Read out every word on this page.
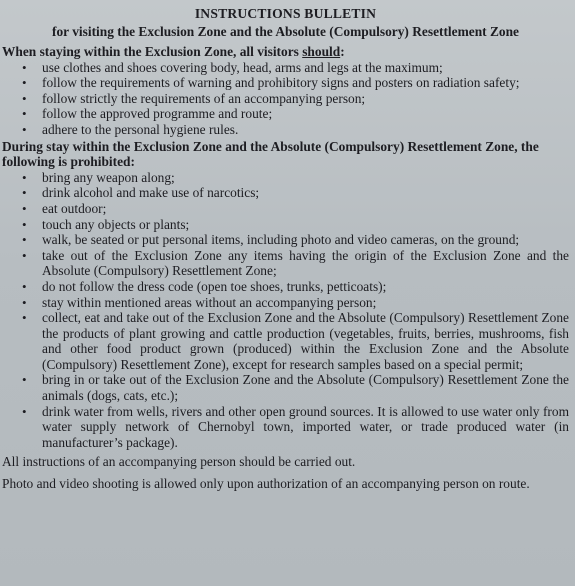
INSTRUCTIONS BULLETIN
for visiting the Exclusion Zone and the Absolute (Compulsory) Resettlement Zone
When staying within the Exclusion Zone, all visitors should:
• use clothes and shoes covering body, head, arms and legs at the maximum;
• follow the requirements of warning and prohibitory signs and posters on radiation safety;
• follow strictly the requirements of an accompanying person;
• follow the approved programme and route;
• adhere to the personal hygiene rules.
During stay within the Exclusion Zone and the Absolute (Compulsory) Resettlement Zone, the following is prohibited:
• bring any weapon along;
• drink alcohol and make use of narcotics;
• eat outdoor;
• touch any objects or plants;
• walk, be seated or put personal items, including photo and video cameras, on the ground;
• take out of the Exclusion Zone any items having the origin of the Exclusion Zone and the Absolute (Compulsory) Resettlement Zone;
• do not follow the dress code (open toe shoes, trunks, petticoats);
• stay within mentioned areas without an accompanying person;
• collect, eat and take out of the Exclusion Zone and the Absolute (Compulsory) Resettlement Zone the products of plant growing and cattle production (vegetables, fruits, berries, mushrooms, fish and other food product grown (produced) within the Exclusion Zone and the Absolute (Compulsory) Resettlement Zone), except for research samples based on a special permit;
• bring in or take out of the Exclusion Zone and the Absolute (Compulsory) Resettlement Zone the animals (dogs, cats, etc.);
• drink water from wells, rivers and other open ground sources. It is allowed to use water only from water supply network of Chernobyl town, imported water, or trade produced water (in manufacturer’s package).
All instructions of an accompanying person should be carried out.
Photo and video shooting is allowed only upon authorization of an accompanying person on route.
